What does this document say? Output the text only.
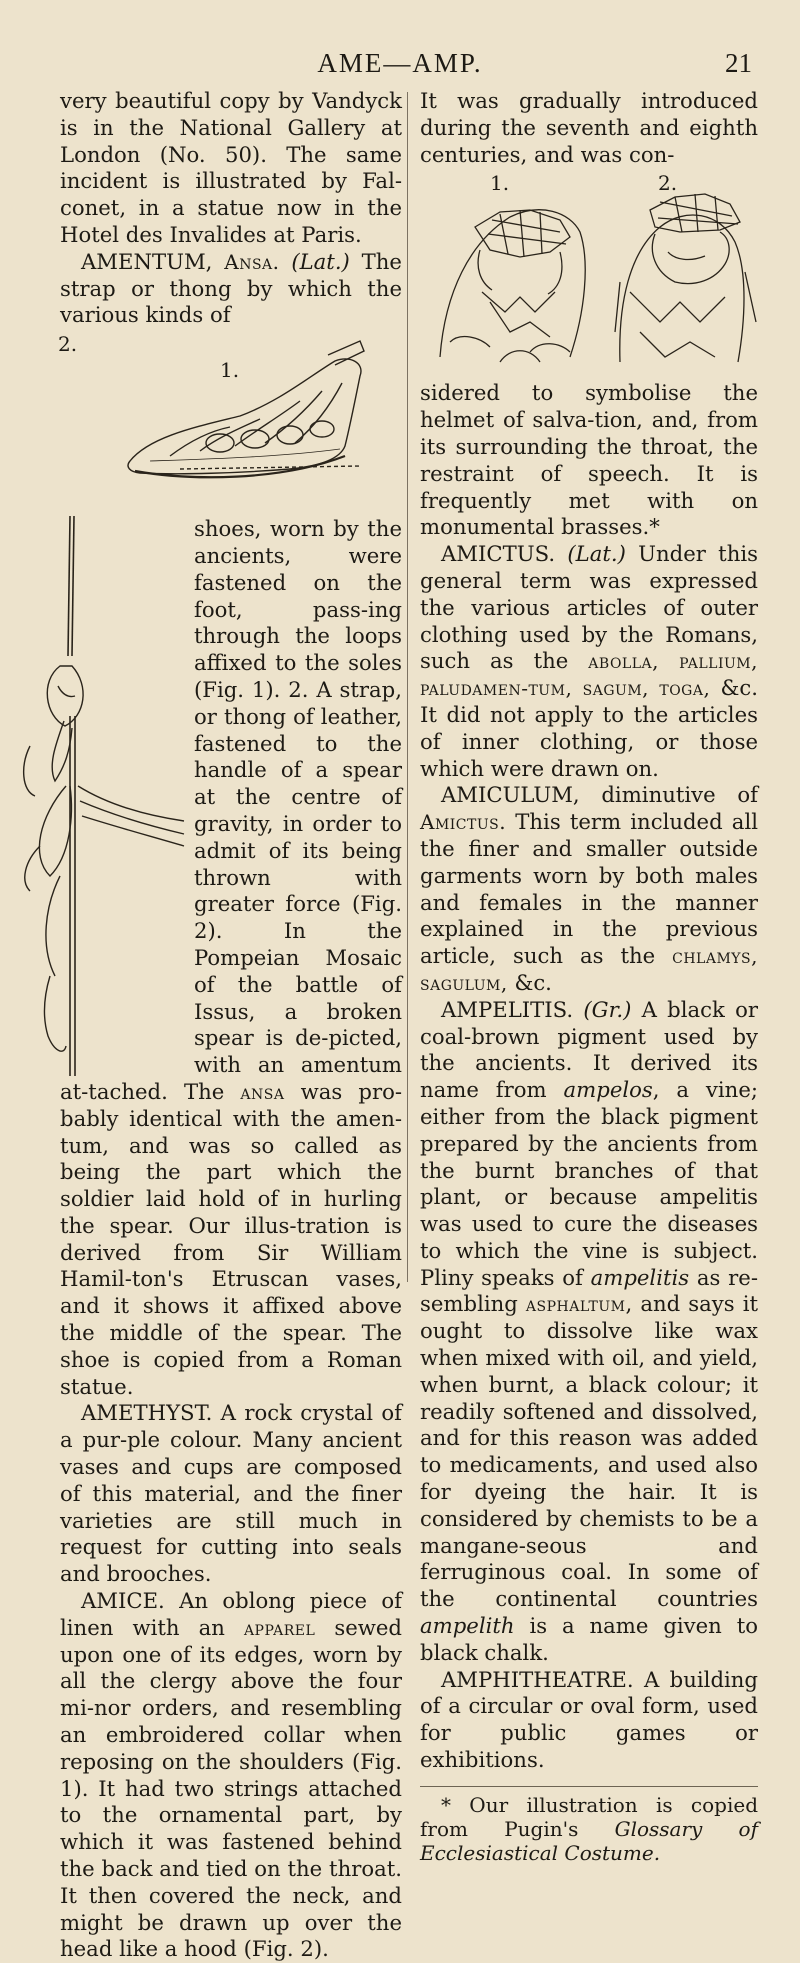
AME—AMP.	21

very beautiful copy by Vandyck is in the National Gallery at London (No. 50). The same incident is illustrated by Fal-conet, in a statue now in the Hotel des Invalides at Paris.

AMENTUM, Ansa. (Lat.) The strap or thong by which the various kinds of

2.
1.

shoes, worn by the ancients, were fastened on the foot, pass-ing through the loops affixed to the soles (Fig. 1). 2. A strap, or thong of leather, fastened to the handle of a spear at the centre of gravity, in order to admit of its being thrown with greater force (Fig. 2). In the Pompeian Mosaic of the battle of Issus, a broken spear is de-picted, with an amentum at-tached. The ansa was pro-bably identical with the amen-tum, and was so called as being the part which the soldier laid hold of in hurling the spear. Our illus-tration is derived from Sir William Hamil-ton's Etruscan vases, and it shows it affixed above the middle of the spear. The shoe is copied from a Roman statue.

AMETHYST. A rock crystal of a pur-ple colour. Many ancient vases and cups are composed of this material, and the finer varieties are still much in request for cutting into seals and brooches.

AMICE. An oblong piece of linen with an apparel sewed upon one of its edges, worn by all the clergy above the four mi-nor orders, and resembling an embroidered collar when reposing on the shoulders (Fig. 1). It had two strings attached to the ornamental part, by which it was fastened behind the back and tied on the throat. It then covered the neck, and might be drawn up over the head like a hood (Fig. 2).

It was gradually introduced during the seventh and eighth centuries, and was con-

1.	2.

sidered to symbolise the helmet of salva-tion, and, from its surrounding the throat, the restraint of speech. It is frequently met with on monumental brasses.*

AMICTUS. (Lat.) Under this general term was expressed the various articles of outer clothing used by the Romans, such as the abolla, pallium, paludamen-tum, sagum, toga, &c. It did not apply to the articles of inner clothing, or those which were drawn on.

AMICULUM, diminutive of Amictus. This term included all the finer and smaller outside garments worn by both males and females in the manner explained in the previous article, such as the chlamys, sagulum, &c.

AMPELITIS. (Gr.) A black or coal-brown pigment used by the ancients. It derived its name from ampelos, a vine; either from the black pigment prepared by the ancients from the burnt branches of that plant, or because ampelitis was used to cure the diseases to which the vine is subject. Pliny speaks of ampelitis as re-sembling asphaltum, and says it ought to dissolve like wax when mixed with oil, and yield, when burnt, a black colour; it readily softened and dissolved, and for this reason was added to medicaments, and used also for dyeing the hair. It is considered by chemists to be a mangane-seous and ferruginous coal. In some of the continental countries ampelith is a name given to black chalk.

AMPHITHEATRE. A building of a circular or oval form, used for public games or exhibitions.

* Our illustration is copied from Pugin's Glossary of Ecclesiastical Costume.
